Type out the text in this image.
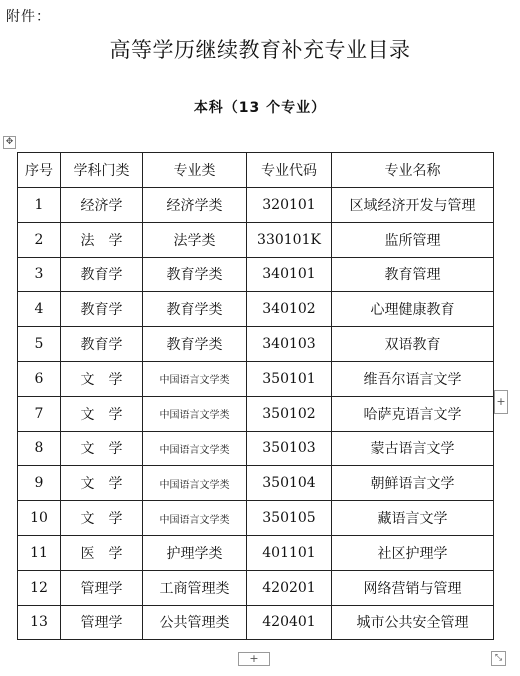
附件：
高等学历继续教育补充专业目录
本科（13 个专业）
✥
序号	学科门类	专业类	专业代码	专业名称
1	经济学	经济学类	320101	区域经济开发与管理
2	法　学	法学类	330101K	监所管理
3	教育学	教育学类	340101	教育管理
4	教育学	教育学类	340102	心理健康教育
5	教育学	教育学类	340103	双语教育
6	文　学	中国语言文学类	350101	维吾尔语言文学
7	文　学	中国语言文学类	350102	哈萨克语言文学
8	文　学	中国语言文学类	350103	蒙古语言文学
9	文　学	中国语言文学类	350104	朝鲜语言文学
10	文　学	中国语言文学类	350105	藏语言文学
11	医　学	护理学类	401101	社区护理学
12	管理学	工商管理类	420201	网络营销与管理
13	管理学	公共管理类	420401	城市公共安全管理
+
+	⤡
